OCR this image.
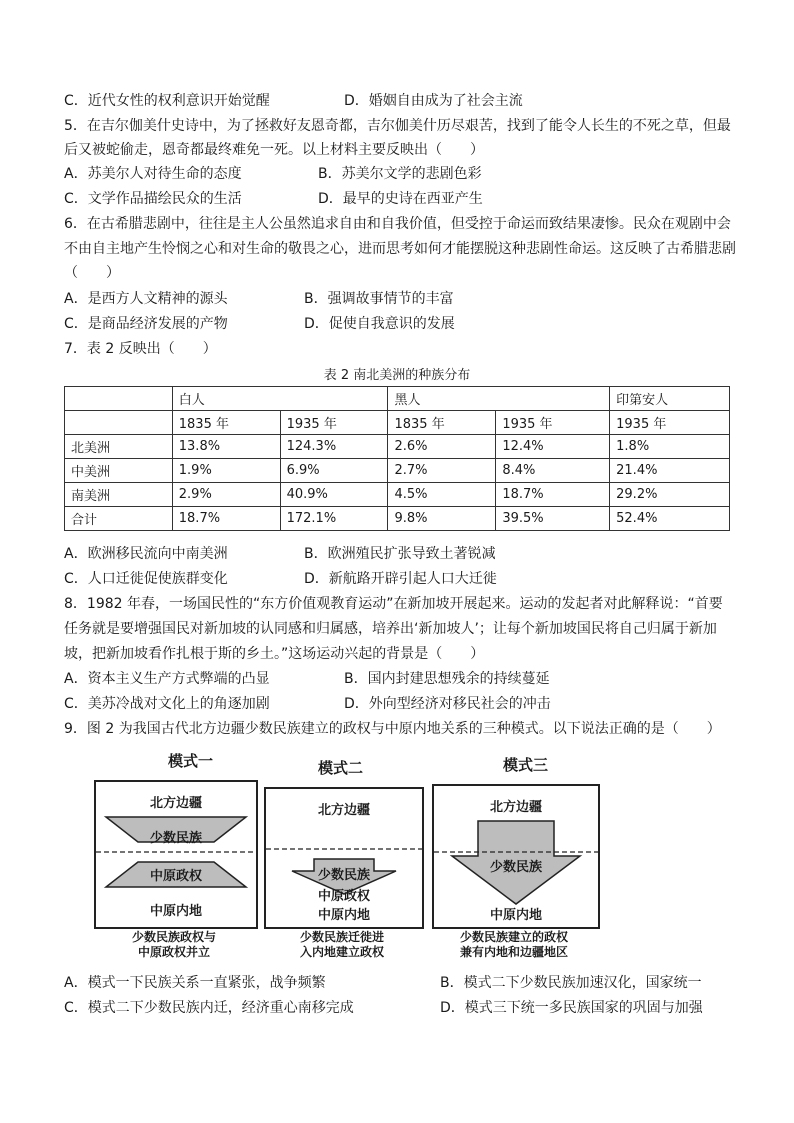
C．近代女性的权利意识开始觉醒	D．婚姻自由成为了社会主流
5．在吉尔伽美什史诗中，为了拯救好友恩奇都，吉尔伽美什历尽艰苦，找到了能令人长生的不死之草，但最
后又被蛇偷走，恩奇都最终难免一死。以上材料主要反映出（　　）
A．苏美尔人对待生命的态度	B．苏美尔文学的悲剧色彩
C．文学作品描绘民众的生活	D．最早的史诗在西亚产生
6．在古希腊悲剧中，往往是主人公虽然追求自由和自我价值，但受控于命运而致结果凄惨。民众在观剧中会
不由自主地产生怜悯之心和对生命的敬畏之心，进而思考如何才能摆脱这种悲剧性命运。这反映了古希腊悲剧
（　　）
A．是西方人文精神的源头	B．强调故事情节的丰富
C．是商品经济发展的产物	D．促使自我意识的发展
7．表 2 反映出（　　）
表 2 南北美洲的种族分布
	白人		黑人		印第安人
	1835 年	1935 年	1835 年	1935 年	1935 年
北美洲	13.8%	124.3%	2.6%	12.4%	1.8%
中美洲	1.9%	6.9%	2.7%	8.4%	21.4%
南美洲	2.9%	40.9%	4.5%	18.7%	29.2%
合计	18.7%	172.1%	9.8%	39.5%	52.4%
A．欧洲移民流向中南美洲	B．欧洲殖民扩张导致土著锐减
C．人口迁徙促使族群变化	D．新航路开辟引起人口大迁徙
8．1982 年春，一场国民性的“东方价值观教育运动”在新加坡开展起来。运动的发起者对此解释说：“首要
任务就是要增强国民对新加坡的认同感和归属感，培养出‘新加坡人’；让每个新加坡国民将自己归属于新加
坡，把新加坡看作扎根于斯的乡土。”这场运动兴起的背景是（　　）
A．资本主义生产方式弊端的凸显	B．国内封建思想残余的持续蔓延
C．美苏冷战对文化上的角逐加剧	D．外向型经济对移民社会的冲击
9．图 2 为我国古代北方边疆少数民族建立的政权与中原内地关系的三种模式。以下说法正确的是（　　）
模式一
北方边疆
少数民族
中原政权
中原内地
少数民族政权与
中原政权并立
模式二
北方边疆
少数民族
中原政权
中原内地
少数民族迁徙进
入内地建立政权
模式三
北方边疆
少数民族
中原内地
少数民族建立的政权
兼有内地和边疆地区
A．模式一下民族关系一直紧张，战争频繁	B．模式二下少数民族加速汉化，国家统一
C．模式二下少数民族内迁，经济重心南移完成	D．模式三下统一多民族国家的巩固与加强
